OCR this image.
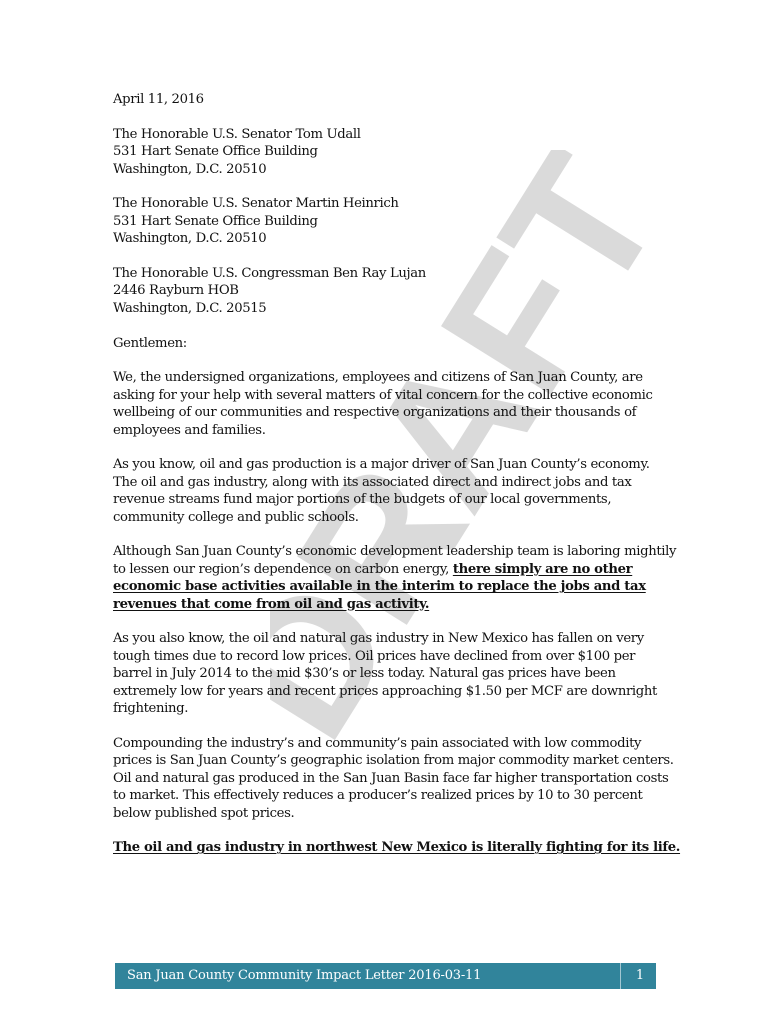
DRAFT
April 11, 2016
The Honorable U.S. Senator Tom Udall
531 Hart Senate Office Building
Washington, D.C. 20510
The Honorable U.S. Senator Martin Heinrich
531 Hart Senate Office Building
Washington, D.C. 20510
The Honorable U.S. Congressman Ben Ray Lujan
2446 Rayburn HOB
Washington, D.C. 20515
Gentlemen:
We, the undersigned organizations, employees and citizens of San Juan County, are
asking for your help with several matters of vital concern for the collective economic
wellbeing of our communities and respective organizations and their thousands of
employees and families.
As you know, oil and gas production is a major driver of San Juan County’s economy.
The oil and gas industry, along with its associated direct and indirect jobs and tax
revenue streams fund major portions of the budgets of our local governments,
community college and public schools.
Although San Juan County’s economic development leadership team is laboring mightily
to lessen our region’s dependence on carbon energy, there simply are no other
economic base activities available in the interim to replace the jobs and tax
revenues that come from oil and gas activity.
As you also know, the oil and natural gas industry in New Mexico has fallen on very
tough times due to record low prices. Oil prices have declined from over $100 per
barrel in July 2014 to the mid $30’s or less today. Natural gas prices have been
extremely low for years and recent prices approaching $1.50 per MCF are downright
frightening.
Compounding the industry’s and community’s pain associated with low commodity
prices is San Juan County’s geographic isolation from major commodity market centers.
Oil and natural gas produced in the San Juan Basin face far higher transportation costs
to market. This effectively reduces a producer’s realized prices by 10 to 30 percent
below published spot prices.
The oil and gas industry in northwest New Mexico is literally fighting for its life.
San Juan County Community Impact Letter 2016-03-11	1
